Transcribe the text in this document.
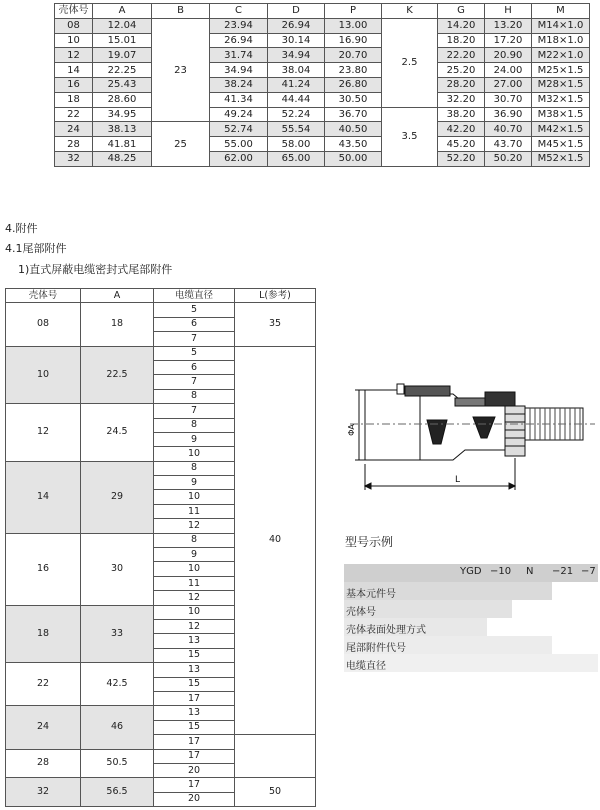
壳体号	A	B	C	D	P	K	G	H	M
08	12.04	23	23.94	26.94	13.00	2.5	14.20	13.20	M14×1.0
10	15.01		26.94	30.14	16.90		18.20	17.20	M18×1.0
12	19.07		31.74	34.94	20.70		22.20	20.90	M22×1.0
14	22.25		34.94	38.04	23.80		25.20	24.00	M25×1.5
16	25.43		38.24	41.24	26.80		28.20	27.00	M28×1.5
18	28.60		41.34	44.44	30.50		32.20	30.70	M32×1.5
22	34.95		49.24	52.24	36.70	3.5	38.20	36.90	M38×1.5
24	38.13	25	52.74	55.54	40.50		42.20	40.70	M42×1.5
28	41.81		55.00	58.00	43.50		45.20	43.70	M45×1.5
32	48.25		62.00	65.00	50.00		52.20	50.20	M52×1.5
4.附件
4.1尾部附件
1)直式屏蔽电缆密封式尾部附件
壳体号	A	电缆直径	L(参考)	
08	18	5	35	
		6		
		7		
10	22.5	5	40	
		6		
		7		
		8		
12	24.5	7		
		8		
		9		
		10		
14	29	8		
		9		
		10		
		11		
		12		
16	30	8		
		9		
		10		
		11		
		12		
18	33	10		
		12		
		13		
		15		
22	42.5	13	
		15		
		17		
24	46	13		
		15		
		17		
28	50.5	17		
		20		
32	56.5	17	50	
		20		
ΦA
L
型号示例
YGD −10 N −21 −7
基本元件号
壳体号
壳体表面处理方式
尾部附件代号
电缆直径
